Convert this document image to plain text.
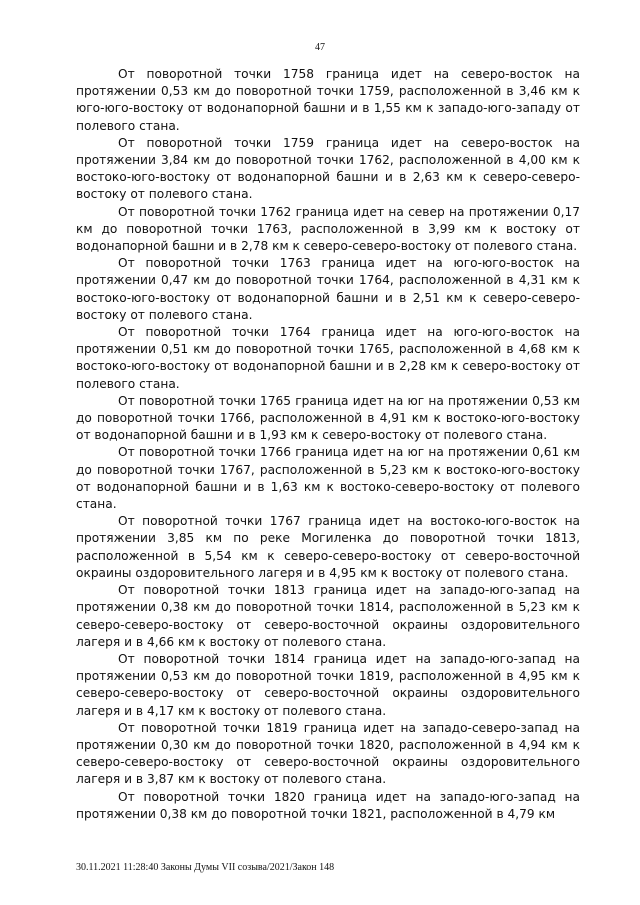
47

От поворотной точки 1758 граница идет на северо-восток на протяжении 0,53 км до поворотной точки 1759, расположенной в 3,46 км к юго-юго-востоку от водонапорной башни и в 1,55 км к западо-юго-западу от полевого стана.

От поворотной точки 1759 граница идет на северо-восток на протяжении 3,84 км до поворотной точки 1762, расположенной в 4,00 км к востоко-юго-востоку от водонапорной башни и в 2,63 км к северо-северо-востоку от полевого стана.

От поворотной точки 1762 граница идет на север на протяжении 0,17 км до поворотной точки 1763, расположенной в 3,99 км к востоку от водонапорной башни и в 2,78 км к северо-северо-востоку от полевого стана.

От поворотной точки 1763 граница идет на юго-юго-восток на протяжении 0,47 км до поворотной точки 1764, расположенной в 4,31 км к востоко-юго-востоку от водонапорной башни и в 2,51 км к северо-северо-востоку от полевого стана.

От поворотной точки 1764 граница идет на юго-юго-восток на протяжении 0,51 км до поворотной точки 1765, расположенной в 4,68 км к востоко-юго-востоку от водонапорной башни и в 2,28 км к северо-востоку от полевого стана.

От поворотной точки 1765 граница идет на юг на протяжении 0,53 км до поворотной точки 1766, расположенной в 4,91 км к востоко-юго-востоку от водонапорной башни и в 1,93 км к северо-востоку от полевого стана.

От поворотной точки 1766 граница идет на юг на протяжении 0,61 км до поворотной точки 1767, расположенной в 5,23 км к востоко-юго-востоку от водонапорной башни и в 1,63 км к востоко-северо-востоку от полевого стана.

От поворотной точки 1767 граница идет на востоко-юго-восток на протяжении 3,85 км по реке Могиленка до поворотной точки 1813, расположенной в 5,54 км к северо-северо-востоку от северо-восточной окраины оздоровительного лагеря и в 4,95 км к востоку от полевого стана.

От поворотной точки 1813 граница идет на западо-юго-запад на протяжении 0,38 км до поворотной точки 1814, расположенной в 5,23 км к северо-северо-востоку от северо-восточной окраины оздоровительного лагеря и в 4,66 км к востоку от полевого стана.

От поворотной точки 1814 граница идет на западо-юго-запад на протяжении 0,53 км до поворотной точки 1819, расположенной в 4,95 км к северо-северо-востоку от северо-восточной окраины оздоровительного лагеря и в 4,17 км к востоку от полевого стана.

От поворотной точки 1819 граница идет на западо-северо-запад на протяжении 0,30 км до поворотной точки 1820, расположенной в 4,94 км к северо-северо-востоку от северо-восточной окраины оздоровительного лагеря и в 3,87 км к востоку от полевого стана.

От поворотной точки 1820 граница идет на западо-юго-запад на протяжении 0,38 км до поворотной точки 1821, расположенной в 4,79 км

30.11.2021 11:28:40 Законы Думы VII созыва/2021/Закон 148
